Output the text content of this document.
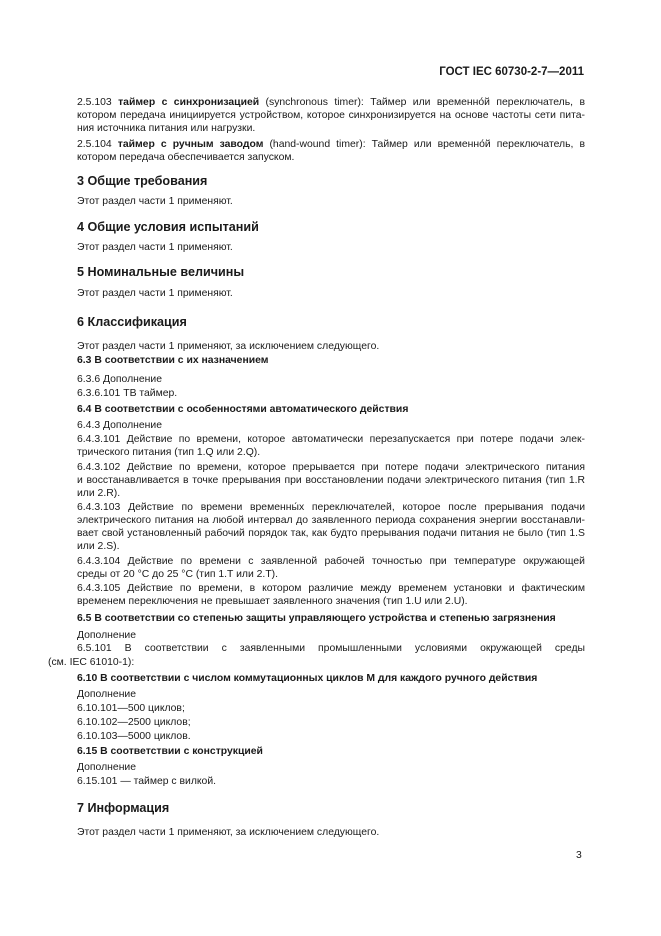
ГОСТ IEC 60730-2-7—2011
2.5.103 таймер с синхронизацией (synchronous timer): Таймер или временно́й переключатель, в
котором передача инициируется устройством, которое синхронизируется на основе частоты сети пита-
ния источника питания или нагрузки.
2.5.104 таймер с ручным заводом (hand-wound timer): Таймер или временно́й переключатель, в
котором передача обеспечивается запуском.
3 Общие требования
Этот раздел части 1 применяют.
4 Общие условия испытаний
Этот раздел части 1 применяют.
5 Номинальные величины
Этот раздел части 1 применяют.
6 Классификация
Этот раздел части 1 применяют, за исключением следующего.
6.3 В соответствии с их назначением
6.3.6 Дополнение
6.3.6.101 ТВ таймер.
6.4 В соответствии с особенностями автоматического действия
6.4.3 Дополнение
6.4.3.101 Действие по времени, которое автоматически перезапускается при потере подачи элек-
трического питания (тип 1.Q или 2.Q).
6.4.3.102 Действие по времени, которое прерывается при потере подачи электрического питания
и восстанавливается в точке прерывания при восстановлении подачи электрического питания (тип 1.R
или 2.R).
6.4.3.103 Действие по времени временны́х переключателей, которое после прерывания подачи
электрического питания на любой интервал до заявленного периода сохранения энергии восстанавли-
вает свой установленный рабочий порядок так, как будто прерывания подачи питания не было (тип 1.S
или 2.S).
6.4.3.104 Действие по времени с заявленной рабочей точностью при температуре окружающей
среды от 20 °С до 25 °С (тип 1.T или 2.T).
6.4.3.105 Действие по времени, в котором различие между временем установки и фактическим
временем переключения не превышает заявленного значения (тип 1.U или 2.U).
6.5 В соответствии со степенью защиты управляющего устройства и степенью загрязнения
Дополнение
6.5.101 В соответствии с заявленными промышленными условиями окружающей среды
(см. IEC 61010-1):
6.10 В соответствии с числом коммутационных циклов M для каждого ручного действия
Дополнение
6.10.101—500 циклов;
6.10.102—2500 циклов;
6.10.103—5000 циклов.
6.15 В соответствии с конструкцией
Дополнение
6.15.101 — таймер с вилкой.
7 Информация
Этот раздел части 1 применяют, за исключением следующего.
3
